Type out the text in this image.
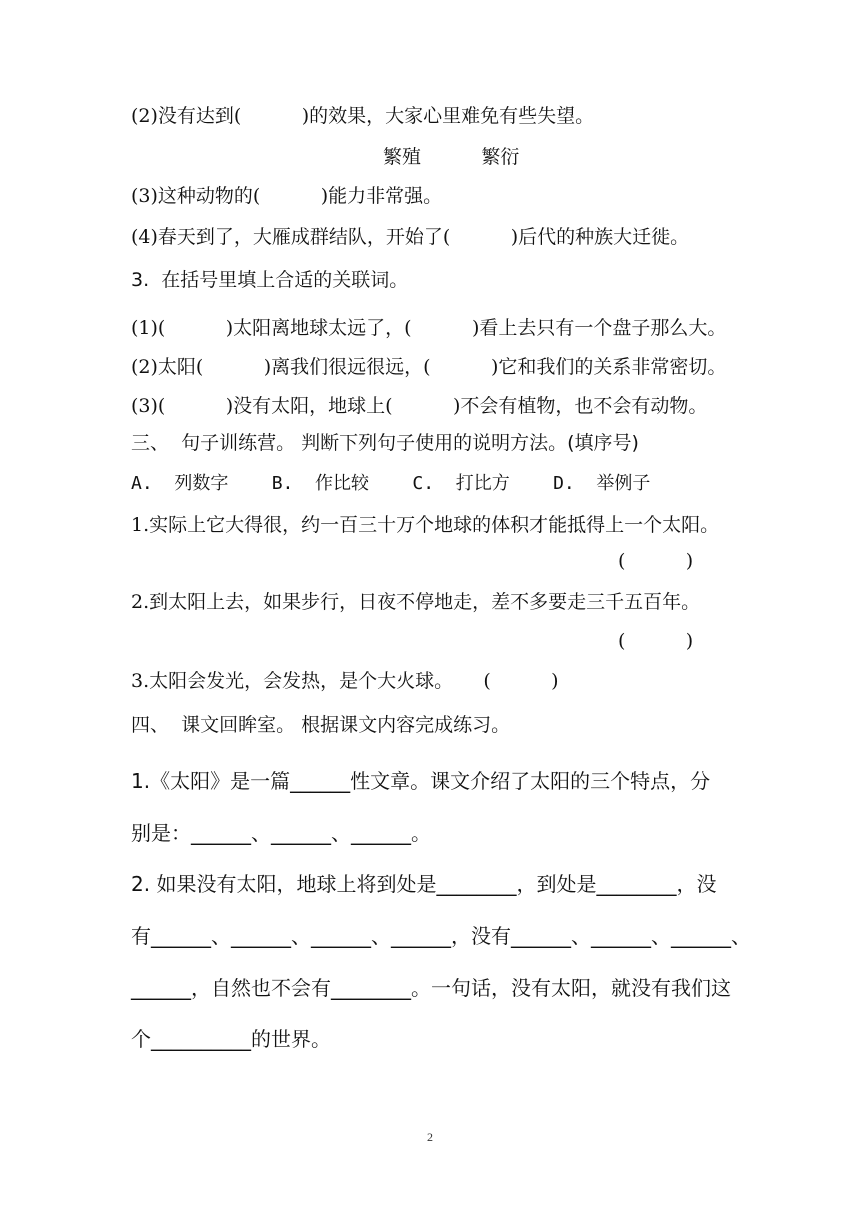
(2)没有达到(          )的效果，大家心里难免有些失望。
繁殖          繁衍
(3)这种动物的(          )能力非常强。
(4)春天到了，大雁成群结队，开始了(          )后代的种族大迁徙。
3.  在括号里填上合适的关联词。
(1)(          )太阳离地球太远了，(          )看上去只有一个盘子那么大。
(2)太阳(          )离我们很远很远，(          )它和我们的关系非常密切。
(3)(          )没有太阳，地球上(          )不会有植物，也不会有动物。
三、  句子训练营。 判断下列句子使用的说明方法。(填序号)
A.  列数字    B.  作比较    C.  打比方    D.  举例子
1.实际上它大得很，约一百三十万个地球的体积才能抵得上一个太阳。
(          )
2.到太阳上去，如果步行，日夜不停地走，差不多要走三千五百年。
(          )
3.太阳会发光，会发热，是个大火球。     (          )
四、  课文回眸室。 根据课文内容完成练习。
1.《太阳》是一篇______性文章。课文介绍了太阳的三个特点，分
别是：______、______、______。
2. 如果没有太阳，地球上将到处是________，到处是________，没
有______、______、______、______，没有______、______、______、
______，自然也不会有________。一句话，没有太阳，就没有我们这
个__________的世界。
2
